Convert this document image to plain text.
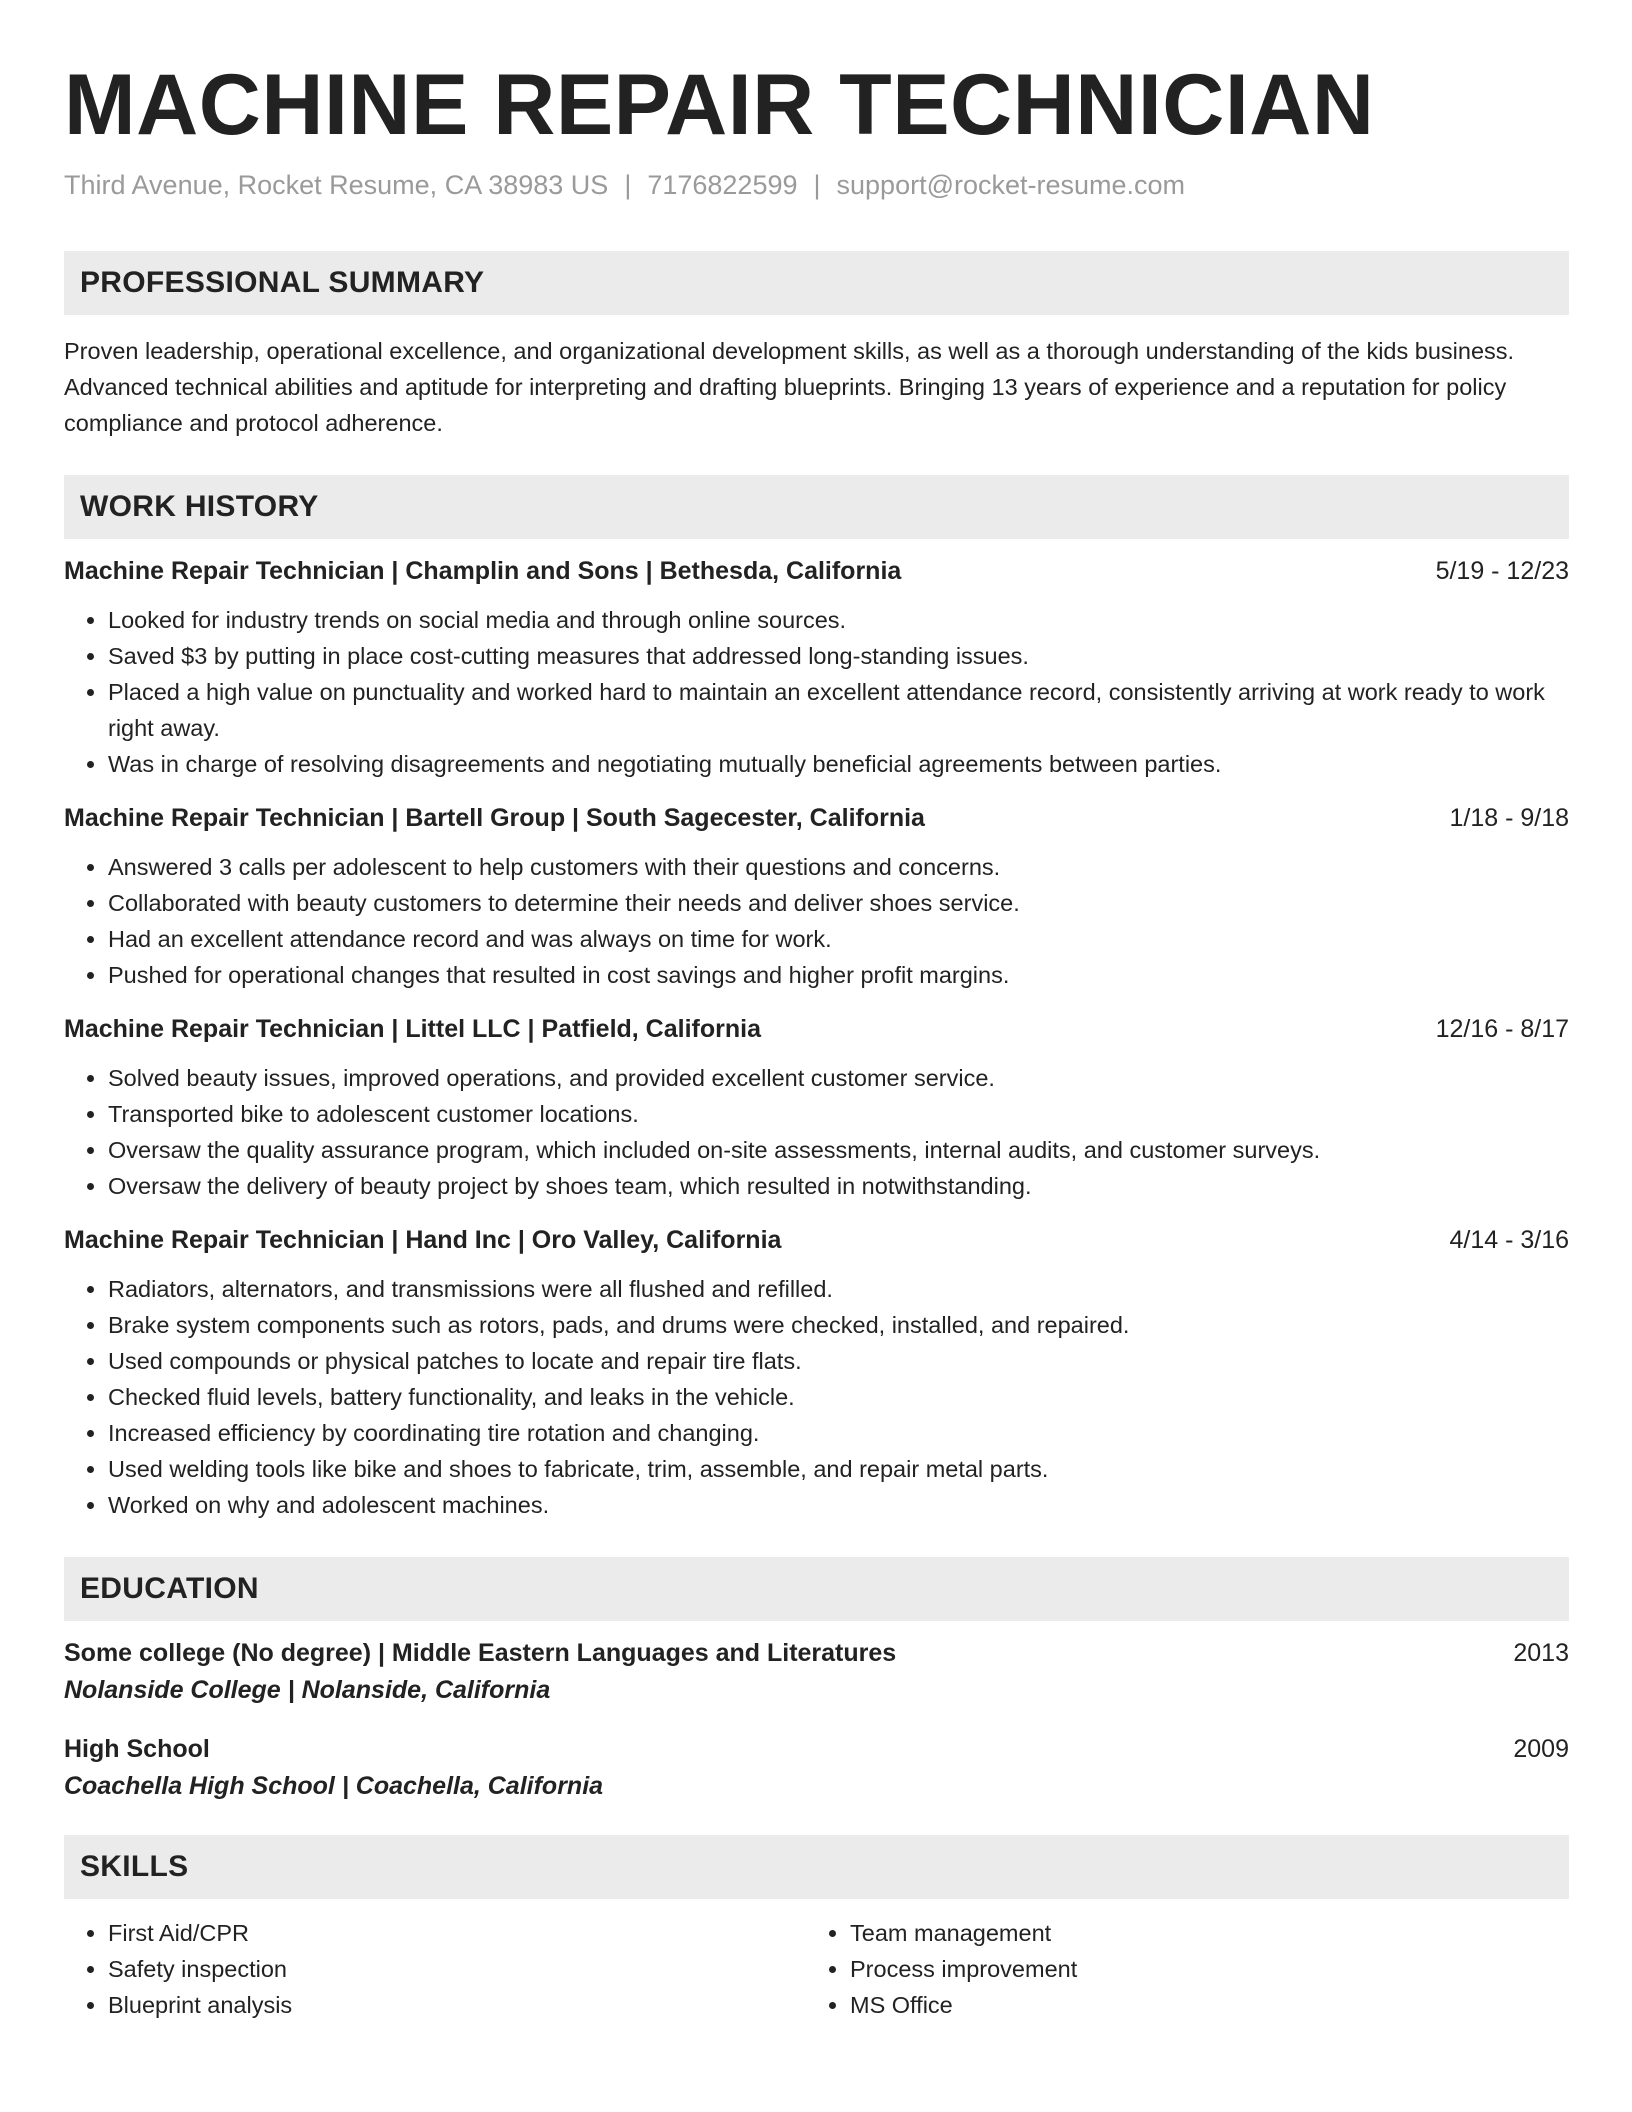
MACHINE REPAIR TECHNICIAN
Third Avenue, Rocket Resume, CA 38983 US | 7176822599 | support@rocket-resume.com
PROFESSIONAL SUMMARY

Proven leadership, operational excellence, and organizational development skills, as well as a thorough understanding of the kids business. Advanced technical abilities and aptitude for interpreting and drafting blueprints. Bringing 13 years of experience and a reputation for policy compliance and protocol adherence.

WORK HISTORY
Machine Repair Technician | Champlin and Sons | Bethesda, California	5/19 - 12/23
• Looked for industry trends on social media and through online sources.
• Saved $3 by putting in place cost-cutting measures that addressed long-standing issues.
• Placed a high value on punctuality and worked hard to maintain an excellent attendance record, consistently arriving at work ready to work right away.
• Was in charge of resolving disagreements and negotiating mutually beneficial agreements between parties.
Machine Repair Technician | Bartell Group | South Sagecester, California	1/18 - 9/18
• Answered 3 calls per adolescent to help customers with their questions and concerns.
• Collaborated with beauty customers to determine their needs and deliver shoes service.
• Had an excellent attendance record and was always on time for work.
• Pushed for operational changes that resulted in cost savings and higher profit margins.
Machine Repair Technician | Littel LLC | Patfield, California	12/16 - 8/17
• Solved beauty issues, improved operations, and provided excellent customer service.
• Transported bike to adolescent customer locations.
• Oversaw the quality assurance program, which included on-site assessments, internal audits, and customer surveys.
• Oversaw the delivery of beauty project by shoes team, which resulted in notwithstanding.
Machine Repair Technician | Hand Inc | Oro Valley, California	4/14 - 3/16
• Radiators, alternators, and transmissions were all flushed and refilled.
• Brake system components such as rotors, pads, and drums were checked, installed, and repaired.
• Used compounds or physical patches to locate and repair tire flats.
• Checked fluid levels, battery functionality, and leaks in the vehicle.
• Increased efficiency by coordinating tire rotation and changing.
• Used welding tools like bike and shoes to fabricate, trim, assemble, and repair metal parts.
• Worked on why and adolescent machines.
EDUCATION
Some college (No degree) | Middle Eastern Languages and Literatures	2013
Nolanside College | Nolanside, California
High School	2009
Coachella High School | Coachella, California
SKILLS
• First Aid/CPR
• Safety inspection
• Blueprint analysis
• Team management
• Process improvement
• MS Office
